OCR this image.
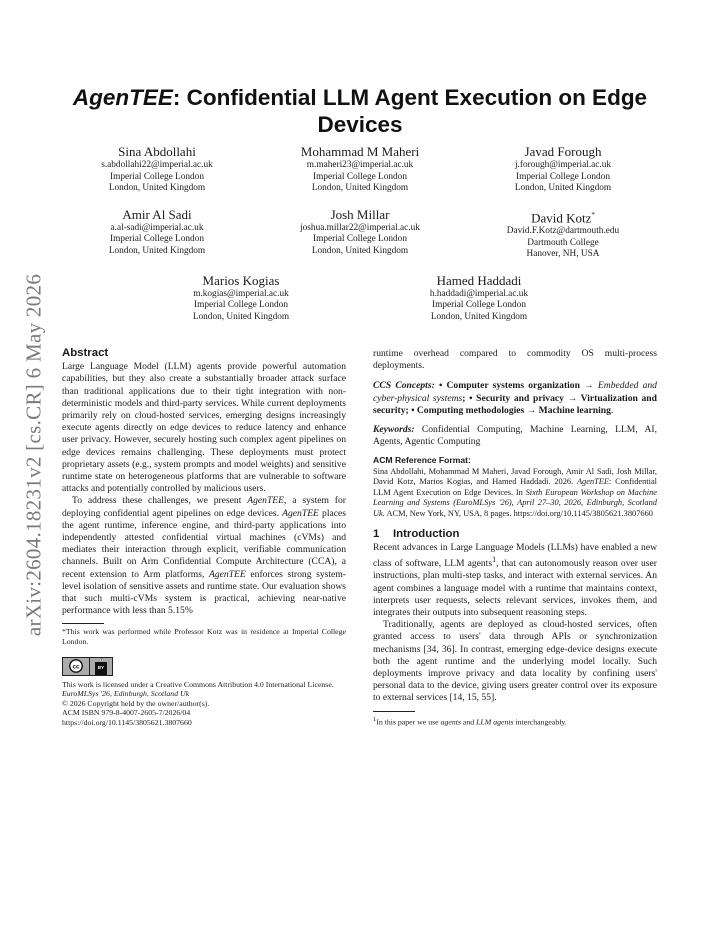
arXiv:2604.18231v2 [cs.CR] 6 May 2026
AgenTEE: Confidential LLM Agent Execution on Edge Devices
Sina Abdollahi
s.abdollahi22@imperial.ac.uk
Imperial College London
London, United Kingdom
Mohammad M Maheri
m.maheri23@imperial.ac.uk
Imperial College London
London, United Kingdom
Javad Forough
j.forough@imperial.ac.uk
Imperial College London
London, United Kingdom
Amir Al Sadi
a.al-sadi@imperial.ac.uk
Imperial College London
London, United Kingdom
Josh Millar
joshua.millar22@imperial.ac.uk
Imperial College London
London, United Kingdom
David Kotz*
David.F.Kotz@dartmouth.edu
Dartmouth College
Hanover, NH, USA
Marios Kogias
m.kogias@imperial.ac.uk
Imperial College London
London, United Kingdom
Hamed Haddadi
h.haddadi@imperial.ac.uk
Imperial College London
London, United Kingdom
Abstract

Large Language Model (LLM) agents provide powerful automation capabilities, but they also create a substantially broader attack surface than traditional applications due to their tight integration with non-deterministic models and third-party services. While current deployments primarily rely on cloud-hosted services, emerging designs increasingly execute agents directly on edge devices to reduce latency and enhance user privacy. However, securely hosting such complex agent pipelines on edge devices remains challenging. These deployments must protect proprietary assets (e.g., system prompts and model weights) and sensitive runtime state on heterogeneous platforms that are vulnerable to software attacks and potentially controlled by malicious users.

To address these challenges, we present AgenTEE, a system for deploying confidential agent pipelines on edge devices. AgenTEE places the agent runtime, inference engine, and third-party applications into independently attested confidential virtual machines (cVMs) and mediates their interaction through explicit, verifiable communication channels. Built on Arm Confidential Compute Architecture (CCA), a recent extension to Arm platforms, AgenTEE enforces strong system-level isolation of sensitive assets and runtime state. Our evaluation shows that such multi-cVMs system is practical, achieving near-native performance with less than 5.15%

*This work was performed while Professor Kotz was in residence at Imperial College London.
cc	BY
This work is licensed under a Creative Commons Attribution 4.0 International License.
EuroMLSys '26, Edinburgh, Scotland Uk
© 2026 Copyright held by the owner/author(s).
ACM ISBN 979-8-4007-2605-7/2026/04
https://doi.org/10.1145/3805621.3807660

runtime overhead compared to commodity OS multi-process deployments.

CCS Concepts: • Computer systems organization → Embedded and cyber-physical systems; • Security and privacy → Virtualization and security; • Computing methodologies → Machine learning.

Keywords: Confidential Computing, Machine Learning, LLM, AI, Agents, Agentic Computing

ACM Reference Format:

Sina Abdollahi, Mohammad M Maheri, Javad Forough, Amir Al Sadi, Josh Millar, David Kotz, Marios Kogias, and Hamed Haddadi. 2026. AgenTEE: Confidential LLM Agent Execution on Edge Devices. In Sixth European Workshop on Machine Learning and Systems (EuroMLSys '26), April 27–30, 2026, Edinburgh, Scotland Uk. ACM, New York, NY, USA, 8 pages. https://doi.org/10.1145/3805621.3807660

1 Introduction

Recent advances in Large Language Models (LLMs) have enabled a new class of software, LLM agents$^1$, that can autonomously reason over user instructions, plan multi-step tasks, and interact with external services. An agent combines a language model with a runtime that maintains context, interprets user requests, selects relevant services, invokes them, and integrates their outputs into subsequent reasoning steps.

Traditionally, agents are deployed as cloud-hosted services, often granted access to users' data through APIs or synchronization mechanisms [34, 36]. In contrast, emerging edge-device designs execute both the agent runtime and the underlying model locally. Such deployments improve privacy and data locality by confining users' personal data to the device, giving users greater control over its exposure to external services [14, 15, 55].

$^1$In this paper we use agents and LLM agents interchangeably.
